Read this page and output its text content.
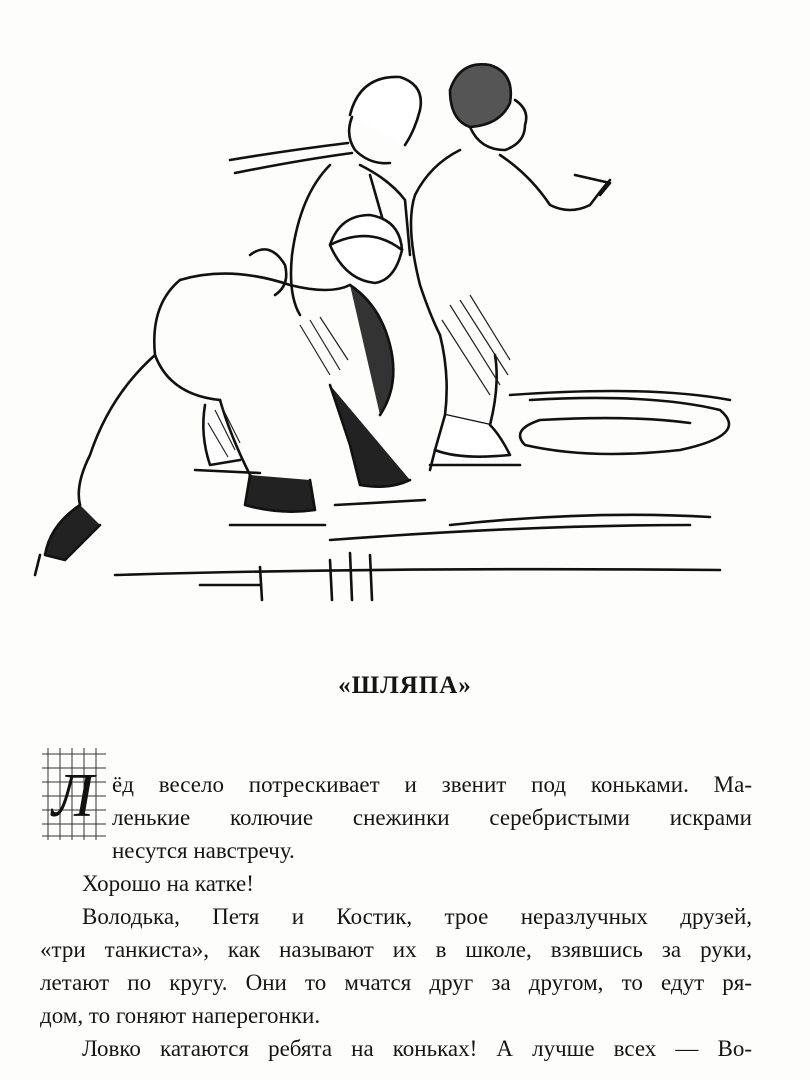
«ШЛЯПА»
Л ёд весело потрескивает и звенит под коньками. Ма-
ленькие колючие снежинки серебристыми искрами
несутся навстречу.
Хорошо на катке!
Володька, Петя и Костик, трое неразлучных друзей,
«три танкиста», как называют их в школе, взявшись за руки,
летают по кругу. Они то мчатся друг за другом, то едут ря-
дом, то гоняют наперегонки.
Ловко катаются ребята на коньках! А лучше всех — Во-
